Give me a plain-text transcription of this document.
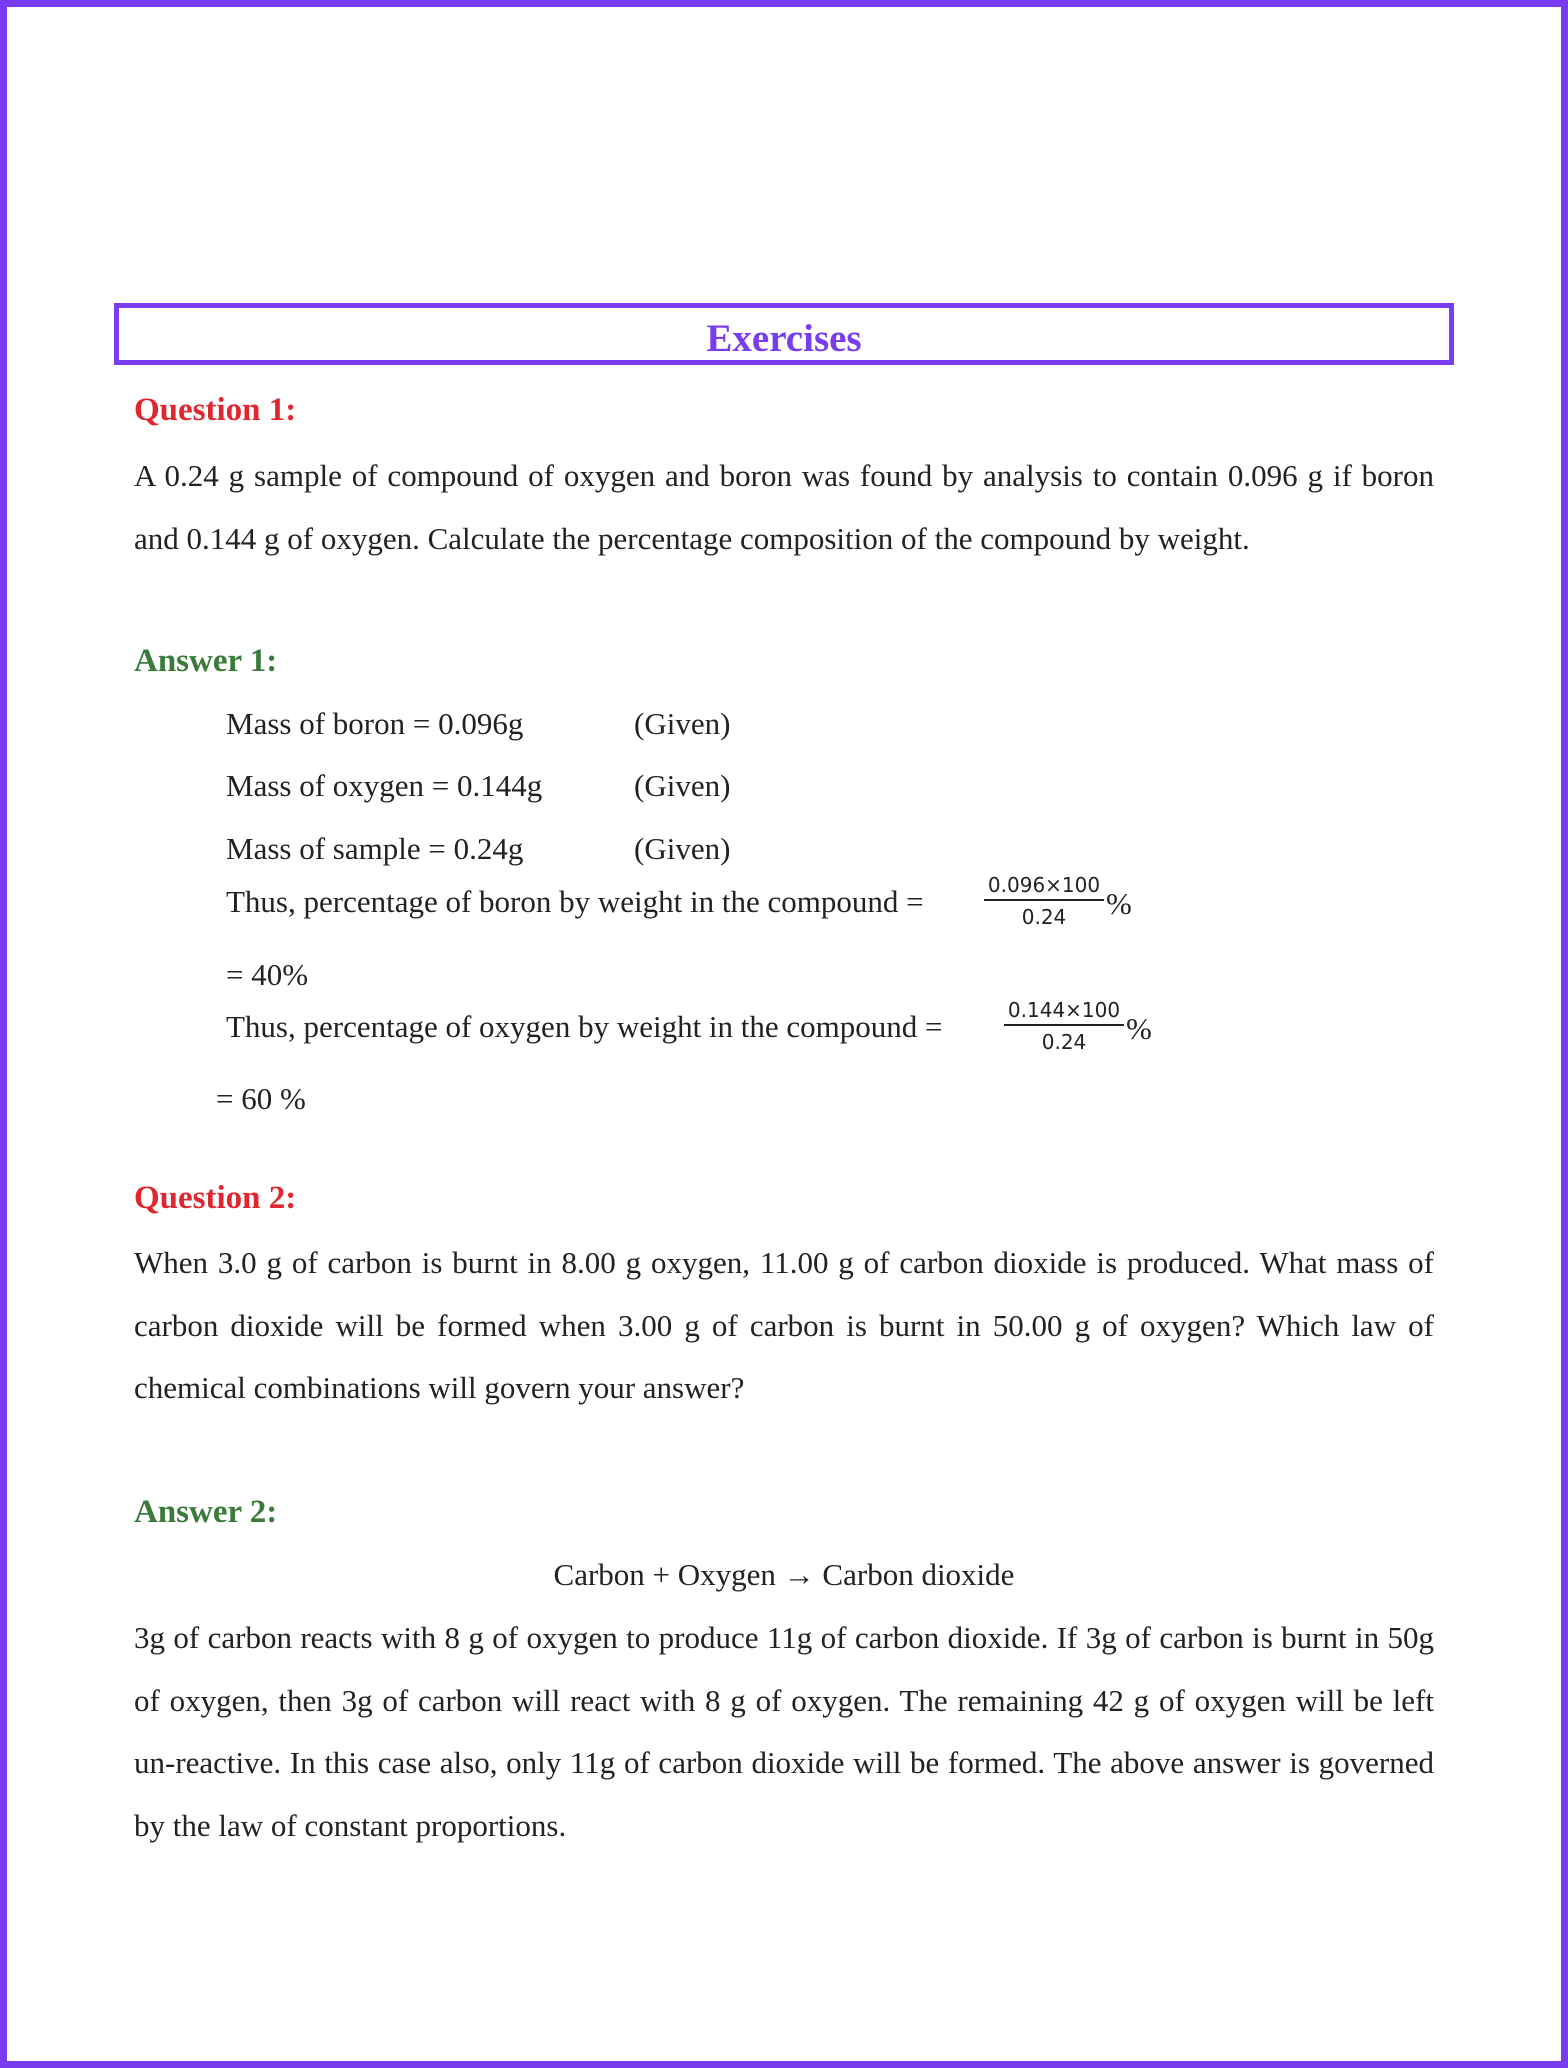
Exercises
Question 1:
A 0.24 g sample of compound of oxygen and boron was found by analysis to contain 0.096 g if boron and 0.144 g of oxygen. Calculate the percentage composition of the compound by weight.
Answer 1:
Mass of boron = 0.096g	(Given)
Mass of oxygen = 0.144g	(Given)
Mass of sample = 0.24g	(Given)
Thus, percentage of boron by weight in the compound =	$\frac{0.096\times 100}{0.24}$ %
= 40%
Thus, percentage of oxygen by weight in the compound =	$\frac{0.144\times 100}{0.24}$ %
= 60 %
Question 2:
When 3.0 g of carbon is burnt in 8.00 g oxygen, 11.00 g of carbon dioxide is produced. What mass of carbon dioxide will be formed when 3.00 g of carbon is burnt in 50.00 g of oxygen? Which law of chemical combinations will govern your answer?
Answer 2:
Carbon + Oxygen → Carbon dioxide
3g of carbon reacts with 8 g of oxygen to produce 11g of carbon dioxide. If 3g of carbon is burnt in 50g of oxygen, then 3g of carbon will react with 8 g of oxygen. The remaining 42 g of oxygen will be left un-reactive. In this case also, only 11g of carbon dioxide will be formed. The above answer is governed by the law of constant proportions.
